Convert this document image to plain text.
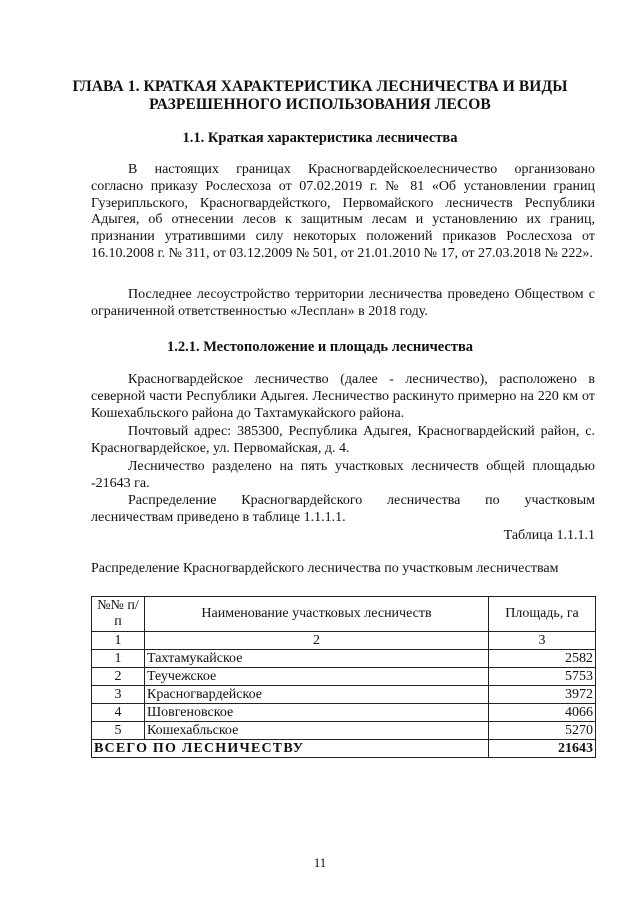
ГЛАВА 1. КРАТКАЯ ХАРАКТЕРИСТИКА ЛЕСНИЧЕСТВА И ВИДЫ РАЗРЕШЕННОГО ИСПОЛЬЗОВАНИЯ ЛЕСОВ
1.1. Краткая характеристика лесничества
В настоящих границах Красногвардейскоелесничество организовано согласно приказу Рослесхоза от 07.02.2019 г. № 81 «Об установлении границ Гузерипльского, Красногвардейсткого, Первомайского лесничеств Республики Адыгея, об отнесении лесов к защитным лесам и установлению их границ, признании утратившими силу некоторых положений приказов Рослесхоза от 16.10.2008 г. № 311, от 03.12.2009 № 501, от 21.01.2010 № 17, от 27.03.2018 № 222».
Последнее лесоустройство территории лесничества проведено Обществом с ограниченной ответственностью «Лесплан» в 2018 году.
1.2.1. Местоположение и площадь лесничества
Красногвардейское лесничество (далее - лесничество), расположено в северной части Республики Адыгея. Лесничество раскинуто примерно на 220 км от Кошехабльского района до Тахтамукайского района.
Почтовый адрес: 385300, Республика Адыгея, Красногвардейский район, с. Красногвардейское, ул. Первомайская, д. 4.
Лесничество разделено на пять участковых лесничеств общей площадью -21643 га.
Распределение Красногвардейского лесничества по участковым лесничествам приведено в таблице 1.1.1.1.
Таблица 1.1.1.1
Распределение Красногвардейского лесничества по участковым лесничествам
№№ п/п	Наименование участковых лесничеств	Площадь, га
1	2	3
1	Тахтамукайское	2582
2	Теучежское	5753
3	Красногвардейское	3972
4	Шовгеновское	4066
5	Кошехабльское	5270
ВСЕГО ПО ЛЕСНИЧЕСТВУ		21643
11
